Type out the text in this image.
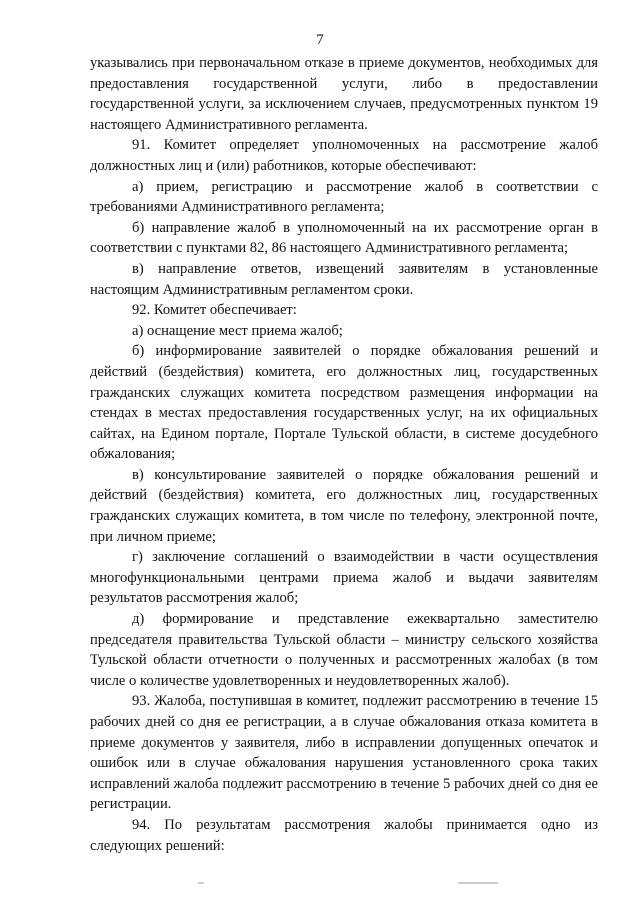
7

указывались при первоначальном отказе в приеме документов, необходимых для предоставления государственной услуги, либо в предоставлении государственной услуги, за исключением случаев, предусмотренных пунктом 19 настоящего Административного регламента.

91. Комитет определяет уполномоченных на рассмотрение жалоб должностных лиц и (или) работников, которые обеспечивают:

а) прием, регистрацию и рассмотрение жалоб в соответствии с требованиями Административного регламента;

б) направление жалоб в уполномоченный на их рассмотрение орган в соответствии с пунктами 82, 86 настоящего Административного регламента;

в) направление ответов, извещений заявителям в установленные настоящим Административным регламентом сроки.

92. Комитет обеспечивает:

а) оснащение мест приема жалоб;

б) информирование заявителей о порядке обжалования решений и действий (бездействия) комитета, его должностных лиц, государственных гражданских служащих комитета посредством размещения информации на стендах в местах предоставления государственных услуг, на их официальных сайтах, на Едином портале, Портале Тульской области, в системе досудебного обжалования;

в) консультирование заявителей о порядке обжалования решений и действий (бездействия) комитета, его должностных лиц, государственных гражданских служащих комитета, в том числе по телефону, электронной почте, при личном приеме;

г) заключение соглашений о взаимодействии в части осуществления многофункциональными центрами приема жалоб и выдачи заявителям результатов рассмотрения жалоб;

д) формирование и представление ежеквартально заместителю председателя правительства Тульской области – министру сельского хозяйства Тульской области отчетности о полученных и рассмотренных жалобах (в том числе о количестве удовлетворенных и неудовлетворенных жалоб).

93. Жалоба, поступившая в комитет, подлежит рассмотрению в течение 15 рабочих дней со дня ее регистрации, а в случае обжалования отказа комитета в приеме документов у заявителя, либо в исправлении допущенных опечаток и ошибок или в случае обжалования нарушения установленного срока таких исправлений жалоба подлежит рассмотрению в течение 5 рабочих дней со дня ее регистрации.

94. По результатам рассмотрения жалобы принимается одно из следующих решений:
